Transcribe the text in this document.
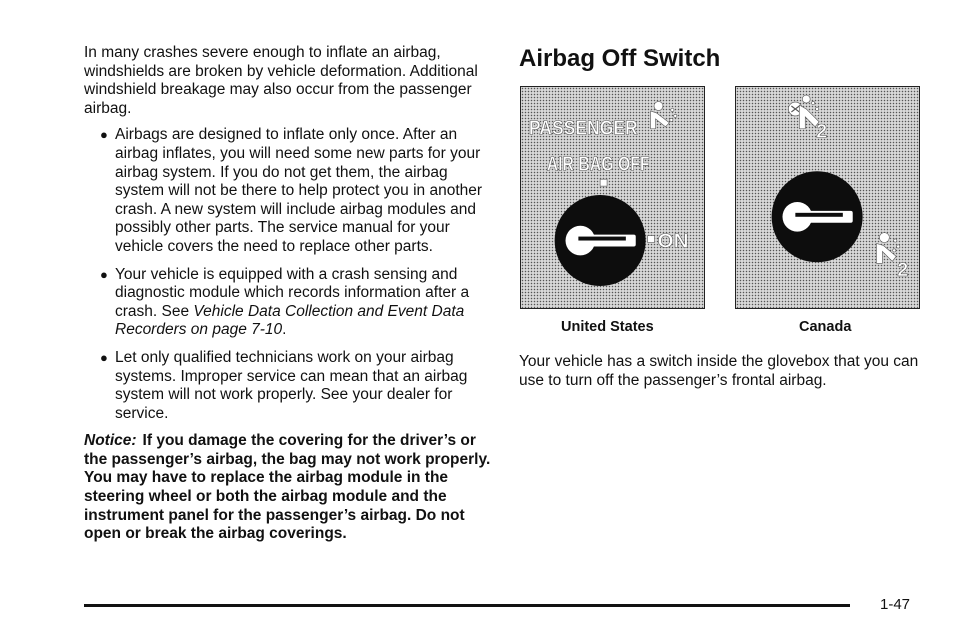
In many crashes severe enough to inflate an airbag, windshields are broken by vehicle deformation. Additional windshield breakage may also occur from the passenger airbag.

● Airbags are designed to inflate only once. After an airbag inflates, you will need some new parts for your airbag system. If you do not get them, the airbag system will not be there to help protect you in another crash. A new system will include airbag modules and possibly other parts. The service manual for your vehicle covers the need to replace other parts.
● Your vehicle is equipped with a crash sensing and diagnostic module which records information after a crash. See Vehicle Data Collection and Event Data Recorders on page 7-10.
● Let only qualified technicians work on your airbag systems. Improper service can mean that an airbag system will not work properly. See your dealer for service.

Notice: If you damage the covering for the driver’s or the passenger’s airbag, the bag may not work properly. You may have to replace the airbag module in the steering wheel or both the airbag module and the instrument panel for the passenger’s airbag. Do not open or break the airbag coverings.

Airbag Off Switch
PASSENGER
AIR BAG OFF
ON
2
2
United States	Canada

Your vehicle has a switch inside the glovebox that you can use to turn off the passenger’s frontal airbag.

1-47
